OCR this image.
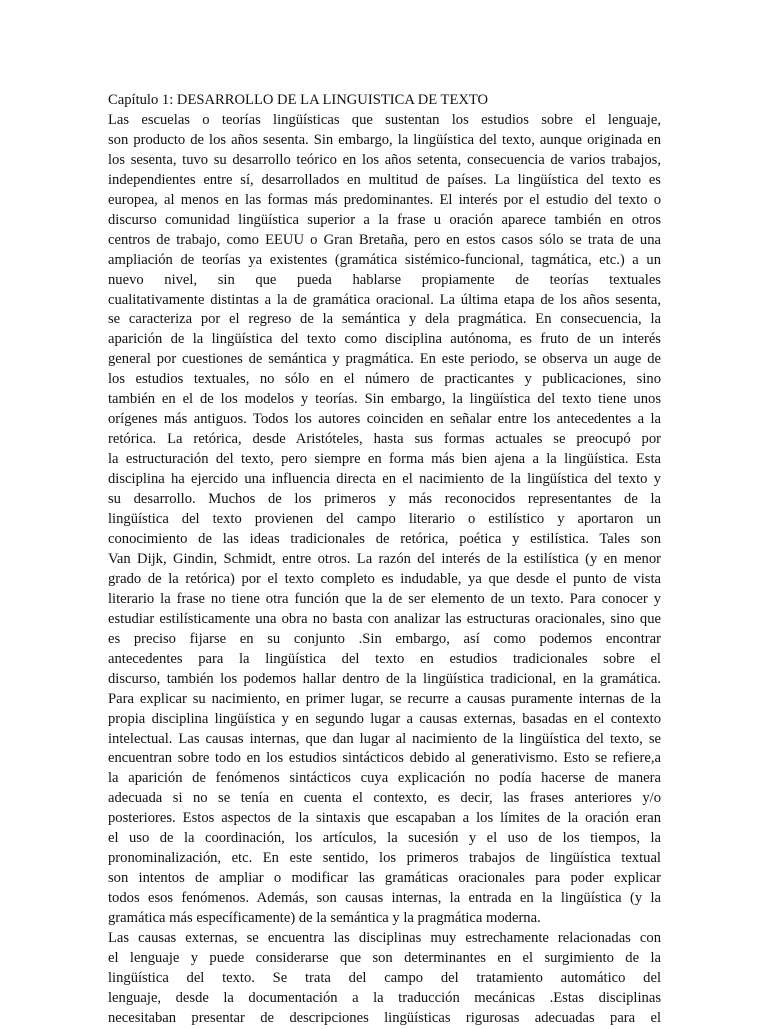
Capítulo 1: DESARROLLO DE LA LINGUISTICA DE TEXTO
Las escuelas o teorías lingüísticas que sustentan los estudios sobre el lenguaje,
son producto de los años sesenta. Sin embargo, la lingüística del texto, aunque originada en
los sesenta, tuvo su desarrollo teórico en los años setenta, consecuencia de varios trabajos,
independientes entre sí, desarrollados en multitud de países. La lingüística del texto es
europea, al menos en las formas más predominantes. El interés por el estudio del texto o
discurso comunidad lingüística superior a la frase u oración aparece también en otros
centros de trabajo, como EEUU o Gran Bretaña, pero en estos casos sólo se trata de una
ampliación de teorías ya existentes (gramática sistémico-funcional, tagmática, etc.) a un
nuevo nivel, sin que pueda hablarse propiamente de teorías textuales
cualitativamente distintas a la de gramática oracional. La última etapa de los años sesenta,
se caracteriza por el regreso de la semántica y dela pragmática. En consecuencia, la
aparición de la lingüística del texto como disciplina autónoma, es fruto de un interés
general por cuestiones de semántica y pragmática. En este periodo, se observa un auge de
los estudios textuales, no sólo en el número de practicantes y publicaciones, sino
también en el de los modelos y teorías. Sin embargo, la lingüística del texto tiene unos
orígenes más antiguos. Todos los autores coinciden en señalar entre los antecedentes a la
retórica. La retórica, desde Aristóteles, hasta sus formas actuales se preocupó por
la estructuración del texto, pero siempre en forma más bien ajena a la lingüística. Esta
disciplina ha ejercido una influencia directa en el nacimiento de la lingüística del texto y
su desarrollo. Muchos de los primeros y más reconocidos representantes de la
lingüística del texto provienen del campo literario o estilístico y aportaron un
conocimiento de las ideas tradicionales de retórica, poética y estilística. Tales son
Van Dijk, Gindin, Schmidt, entre otros. La razón del interés de la estilística (y en menor
grado de la retórica) por el texto completo es indudable, ya que desde el punto de vista
literario la frase no tiene otra función que la de ser elemento de un texto. Para conocer y
estudiar estilísticamente una obra no basta con analizar las estructuras oracionales, sino que
es preciso fijarse en su conjunto .Sin embargo, así como podemos encontrar
antecedentes para la lingüística del texto en estudios tradicionales sobre el
discurso, también los podemos hallar dentro de la lingüística tradicional, en la gramática.
Para explicar su nacimiento, en primer lugar, se recurre a causas puramente internas de la
propia disciplina lingüística y en segundo lugar a causas externas, basadas en el contexto
intelectual. Las causas internas, que dan lugar al nacimiento de la lingüística del texto, se
encuentran sobre todo en los estudios sintácticos debido al generativismo. Esto se refiere,a
la aparición de fenómenos sintácticos cuya explicación no podía hacerse de manera
adecuada si no se tenía en cuenta el contexto, es decir, las frases anteriores y/o
posteriores. Estos aspectos de la sintaxis que escapaban a los límites de la oración eran
el uso de la coordinación, los artículos, la sucesión y el uso de los tiempos, la
pronominalización, etc. En este sentido, los primeros trabajos de lingüística textual
son intentos de ampliar o modificar las gramáticas oracionales para poder explicar
todos esos fenómenos. Además, son causas internas, la entrada en la lingüística (y la
gramática más específicamente) de la semántica y la pragmática moderna.
Las causas externas, se encuentra las disciplinas muy estrechamente relacionadas con
el lenguaje y puede considerarse que son determinantes en el surgimiento de la
lingüística del texto. Se trata del campo del tratamiento automático del
lenguaje, desde la documentación a la traducción mecánicas .Estas disciplinas
necesitaban presentar de descripciones lingüísticas rigurosas adecuadas para el
